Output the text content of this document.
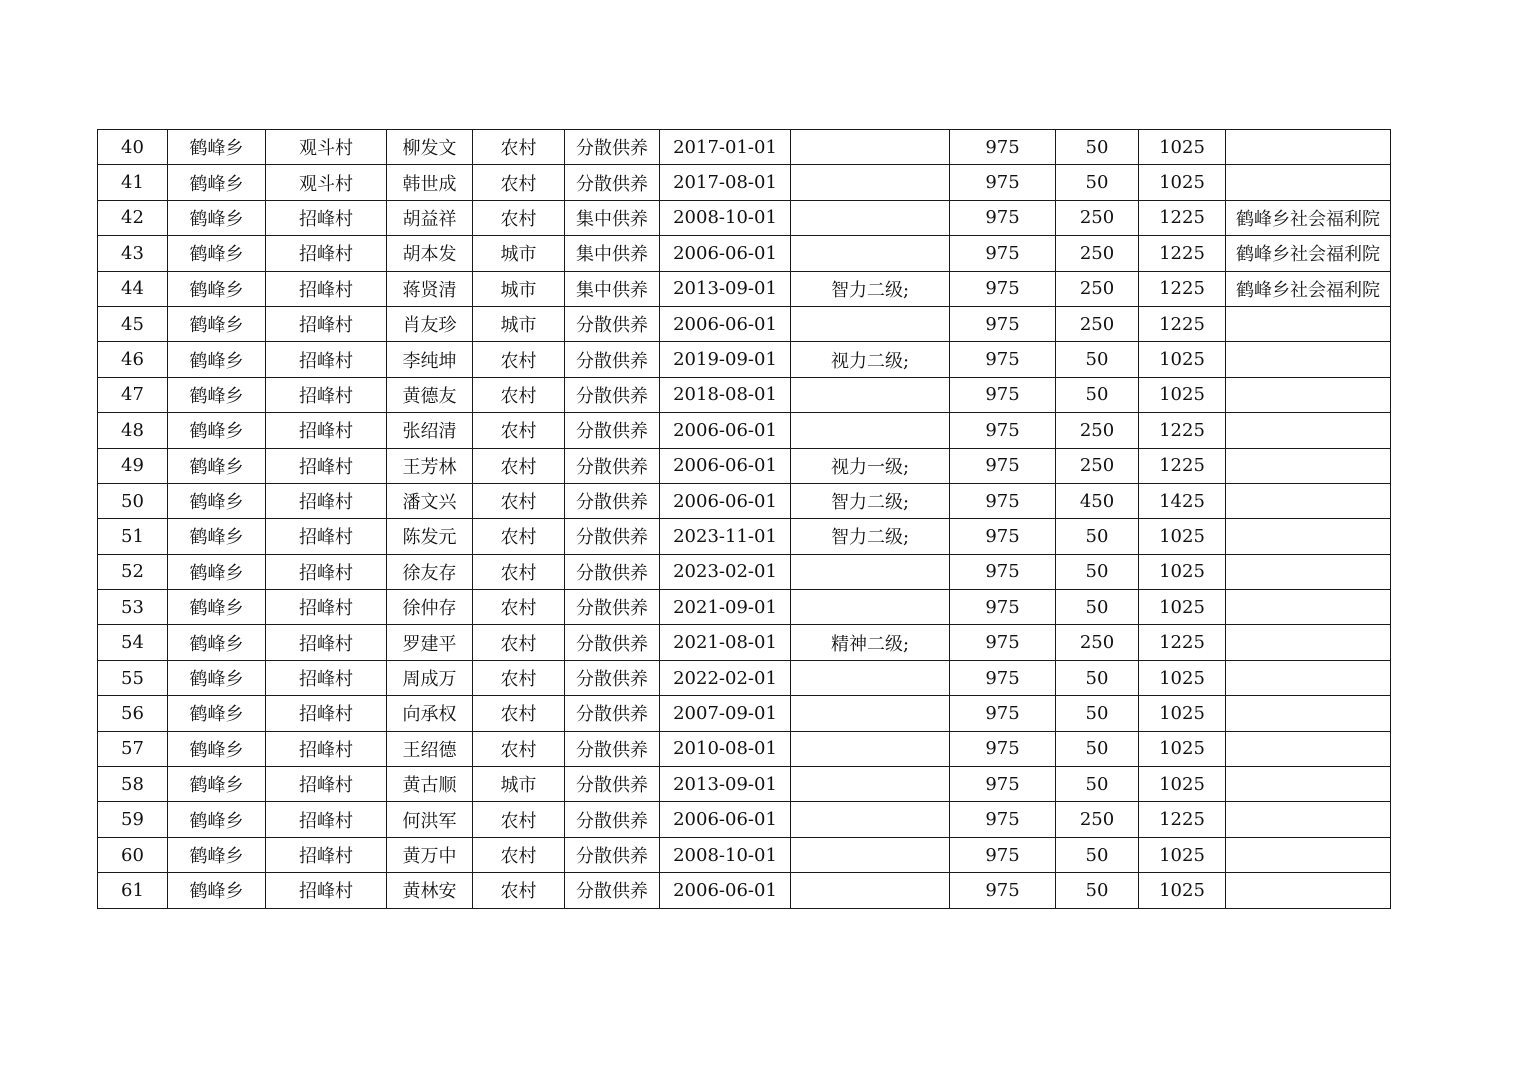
40	鹤峰乡	观斗村	柳发文	农村	分散供养	2017-01-01		975	50	1025	
41	鹤峰乡	观斗村	韩世成	农村	分散供养	2017-08-01		975	50	1025	
42	鹤峰乡	招峰村	胡益祥	农村	集中供养	2008-10-01		975	250	1225	鹤峰乡社会福利院
43	鹤峰乡	招峰村	胡本发	城市	集中供养	2006-06-01		975	250	1225	鹤峰乡社会福利院
44	鹤峰乡	招峰村	蒋贤清	城市	集中供养	2013-09-01	智力二级;	975	250	1225	鹤峰乡社会福利院
45	鹤峰乡	招峰村	肖友珍	城市	分散供养	2006-06-01		975	250	1225	
46	鹤峰乡	招峰村	李纯坤	农村	分散供养	2019-09-01	视力二级;	975	50	1025	
47	鹤峰乡	招峰村	黄德友	农村	分散供养	2018-08-01		975	50	1025	
48	鹤峰乡	招峰村	张绍清	农村	分散供养	2006-06-01		975	250	1225	
49	鹤峰乡	招峰村	王芳林	农村	分散供养	2006-06-01	视力一级;	975	250	1225	
50	鹤峰乡	招峰村	潘文兴	农村	分散供养	2006-06-01	智力二级;	975	450	1425	
51	鹤峰乡	招峰村	陈发元	农村	分散供养	2023-11-01	智力二级;	975	50	1025	
52	鹤峰乡	招峰村	徐友存	农村	分散供养	2023-02-01		975	50	1025	
53	鹤峰乡	招峰村	徐仲存	农村	分散供养	2021-09-01		975	50	1025	
54	鹤峰乡	招峰村	罗建平	农村	分散供养	2021-08-01	精神二级;	975	250	1225	
55	鹤峰乡	招峰村	周成万	农村	分散供养	2022-02-01		975	50	1025	
56	鹤峰乡	招峰村	向承权	农村	分散供养	2007-09-01		975	50	1025	
57	鹤峰乡	招峰村	王绍德	农村	分散供养	2010-08-01		975	50	1025	
58	鹤峰乡	招峰村	黄古顺	城市	分散供养	2013-09-01		975	50	1025	
59	鹤峰乡	招峰村	何洪军	农村	分散供养	2006-06-01		975	250	1225	
60	鹤峰乡	招峰村	黄万中	农村	分散供养	2008-10-01		975	50	1025	
61	鹤峰乡	招峰村	黄林安	农村	分散供养	2006-06-01		975	50	1025	
